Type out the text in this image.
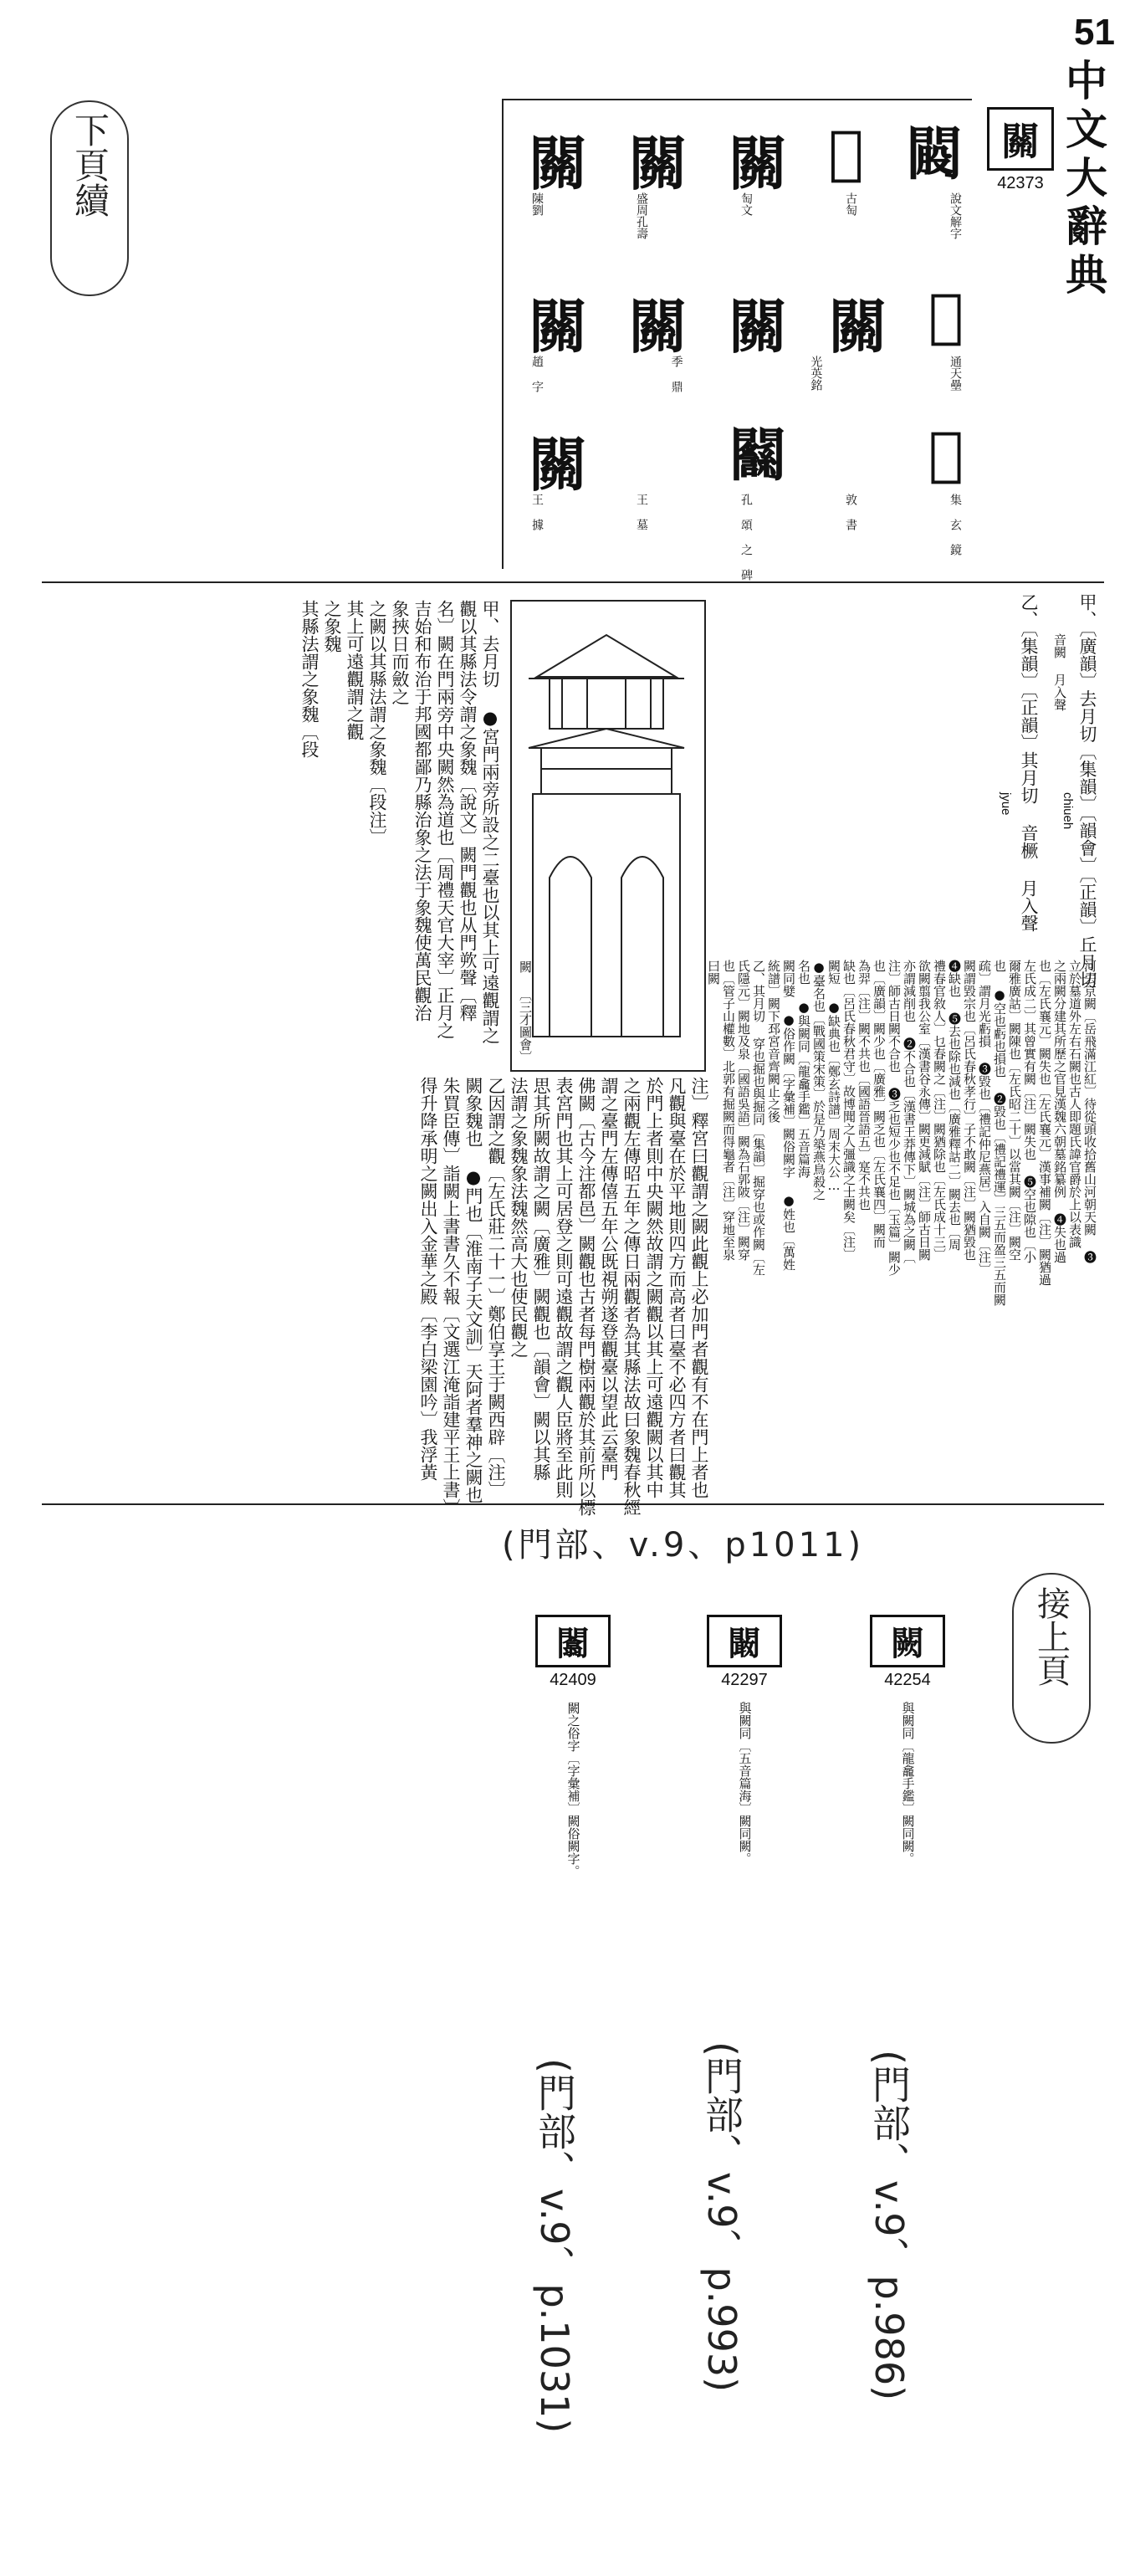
51
中文大辭典
關
42373
下頁續	𨵐
𨶗
關
關
關
說文解字
古匋
匋文
盛周孔壽
陳劉
𨶗
關
關
關
關
通天壘
光英銘
季 鼎
趙 字
𨷋
𨷸
關
集 玄 鏡
敦 書
孔 頌 之 碑
王 墓
王 據
甲、〔廣韻〕去月切〔集韻〕〔韻會〕〔正韻〕丘月切
音闕 月入聲
chiueh
乙、〔集韻〕〔正韻〕其月切 音橛 月入聲
jyue
闕 〔三才圖會〕
甲、去月切 ●宮門兩旁所設之二臺也以其上可遠觀謂之
觀以其縣法令謂之象魏〔說文〕闕門觀也从門欮聲〔釋
名〕闕在門兩旁中央闕然為道也〔周禮天官大宰〕正月之
吉始和布治于邦國都鄙乃縣治象之法于象魏使萬民觀治
象挾日而斂之
之闕以其縣法謂之象魏〔段注〕
其上可遠觀謂之觀
之象魏
其縣法謂之象魏〔段
注〕釋宮曰觀謂之闕此觀上必加門者觀有不在門上者也
凡觀與臺在於平地則四方而高者曰臺不必四方者曰觀其
於門上者則中央闕然故謂之闕觀以其上可遠觀闕以其中
之兩觀左傳昭五年之傳日兩觀者為其縣法故曰象魏春秋經
謂之臺門左傳僖五年公既視朔遂登觀臺以望此云臺門
佛闕〔古今注都邑〕闕觀也古者每門樹兩觀於其前所以標
表宮門也其上可居登之則可遠觀故謂之觀人臣將至此則
思其所闕故謂之闕〔廣雅〕闕觀也〔韻會〕闕以其縣
法謂之象魏象法魏然高大也使民觀之
乙因謂之觀〔左氏莊二十一〕鄭伯享王于闕西辟〔注〕
闕象魏也 ●門也〔淮南子天文訓〕天阿者羣神之闕也
朱買臣傳〕詣闕上書書久不報〔文選江淹詣建平王上書〕
得升降承明之闕出入金華之殿〔李白梁園吟〕我浮黃	河去京闕〔岳飛滿江紅〕待從頭收拾舊山河朝天闕 ❸
立於墓道外左右石闕也古人即題氏諱官爵於上以表識
之兩闕分建其所歷之官見漢魏六朝墓銘纂例 ❹失也過
也〔左氏襄元〕闕失也〔左氏襄元〕漢事補闕〔注〕闕猶過
左氏成二〕其曾實有闕〔注〕闕失也 ❺空也隙也〔小
爾雅廣詁〕闕陳也〔左氏昭二十〕以當其闕〔注〕闕空
也 ●空也虧也損也 ❷毀也〔禮記禮運〕三五而盈三五而闕
疏〕謂月光虧損 ❸毀也〔禮記仲尼燕居〕入自闕〔注〕
闕謂毀宗也〔呂氏春秋孝行〕子不敢闕〔注〕闕猶毀也
❹缺也 ❺去也除也減也〔廣雅釋詁二〕闕去也〔周
禮春官敘人〕乜春闕之〔注〕闕猶除也〔左氏成十三〕
欲闕翦我公室〔漢書谷永傳〕闕更減賦〔注〕師古日闕
亦謂減削也 ❷不合也〔漢書王莽傳下〕闕城為之闕〔
注〕師古日闕不合也 ❸乏也短少也不足也〔玉篇〕闕少
也〔廣韻〕闕少也〔廣雅〕闕乏也〔左氏襄四〕闕而
為羿〔注〕闕不共也〔國語晉語五〕寔不共也
缺也〔呂氏春秋君守〕故博聞之人彊識之士闕矣〔注〕
闕短 ●缺典也〔鄭玄詩譜〕周末大公…
●臺名也〔戰國策宋策〕於是乃築燕鳥殺之
名也 ●與闕同〔龍龕手鑑〕五音篇海
闕同嬖 ●俗作闕〔字彙補〕闕俗闕字 ●姓也〔萬姓
統譜〕闕下邳宮音齊闕止之後
乙、其月切 穿也掘也與掘同〔集韻〕掘穿也或作闕〔左
氏隱元〕闕地及泉〔國語吳語〕闕為石郭陂〔注〕闕穿
也〔管子山權數〕北郭有掘闕而得龜者〔注〕穿地至泉
曰闕
(門部、v.9、p1011)
接上頁
闟
42409
闕之俗字〔字彙補〕闕俗闕字。
闞
42297
與闕同〔五音篇海〕闕同闕。
闕
42254
與闕同〔龍龕手鑑〕闕同闕。
(門部、v.9、p.1031)	(門部、v.9、p.993)	(門部、v.9、p.986)
